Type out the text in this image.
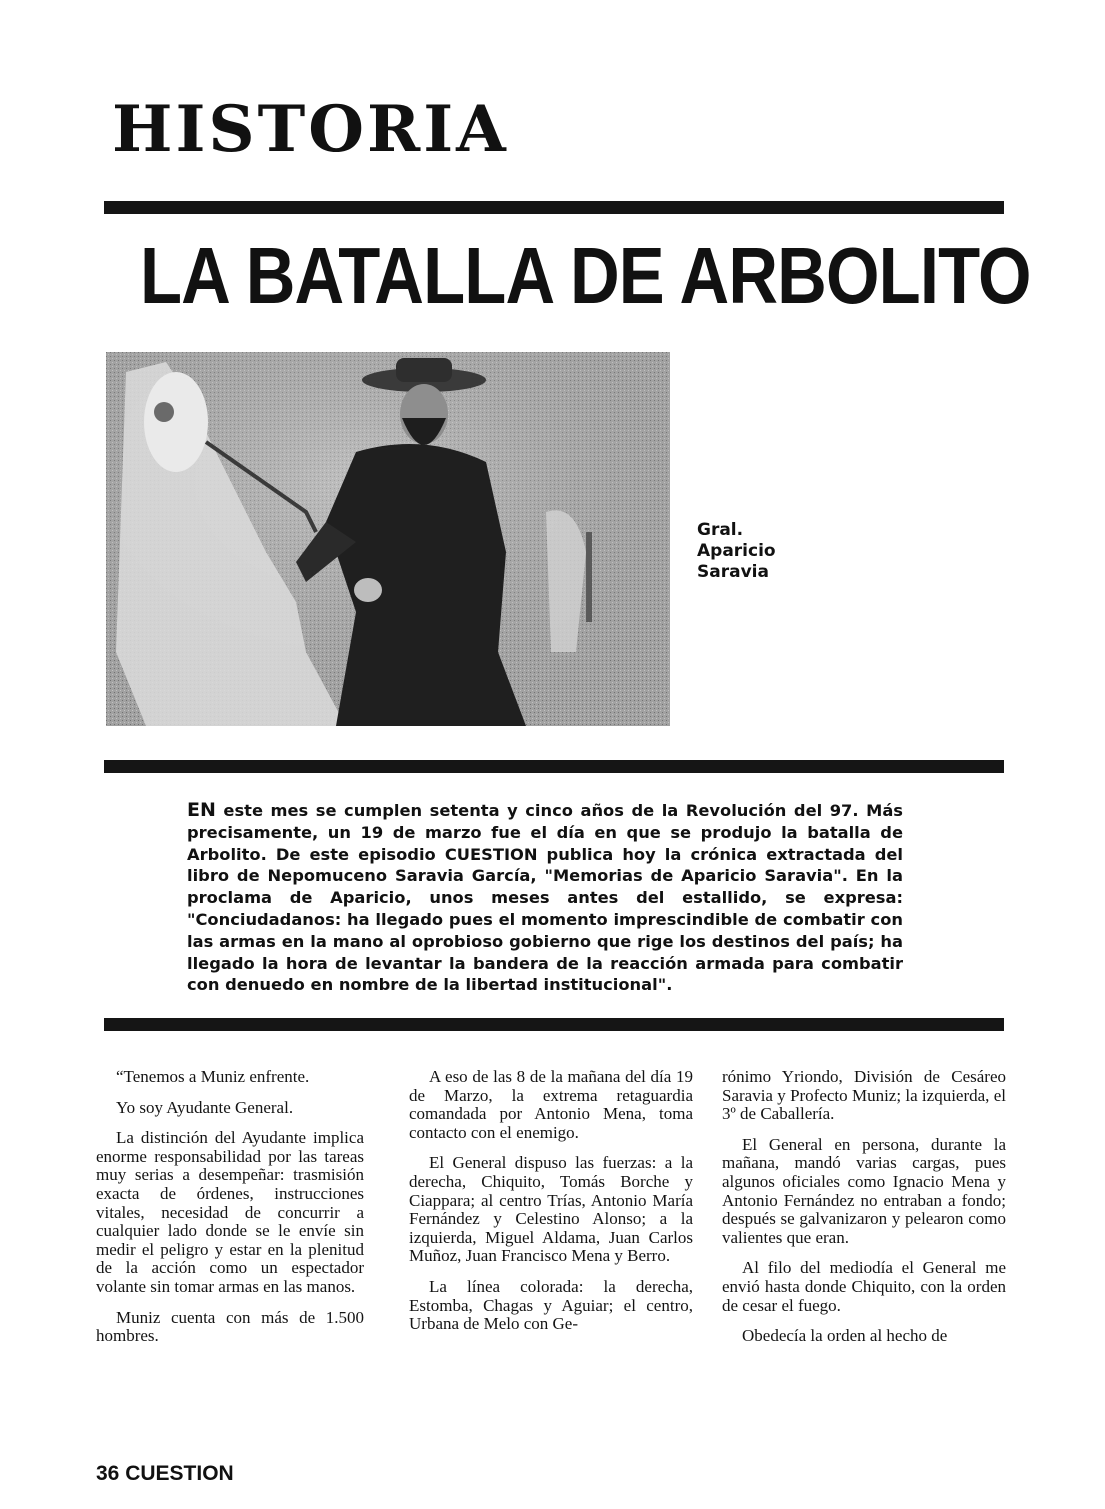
HISTORIA
LA BATALLA DE ARBOLITO
Gral.
Aparicio
Saravia

EN este mes se cumplen setenta y cinco años de la Revolución del 97. Más precisamente, un 19 de marzo fue el día en que se produjo la batalla de Arbolito. De este episodio CUESTION publica hoy la crónica extractada del libro de Nepomuceno Saravia García, "Memorias de Aparicio Saravia". En la proclama de Aparicio, unos meses antes del estallido, se expresa: "Conciudadanos: ha llegado pues el momento imprescindible de combatir con las armas en la mano al oprobioso gobierno que rige los destinos del país; ha llegado la hora de levantar la bandera de la reacción armada para combatir con denuedo en nombre de la libertad institucional".

“Tenemos a Muniz enfrente.

Yo soy Ayudante General.

La distinción del Ayudante implica enorme responsabilidad por las tareas muy serias a desempeñar: trasmisión exacta de órdenes, instrucciones vitales, necesidad de concurrir a cualquier lado donde se le envíe sin medir el peligro y estar en la plenitud de la acción como un espectador volante sin tomar armas en las manos.

Muniz cuenta con más de 1.500 hombres.

A eso de las 8 de la mañana del día 19 de Marzo, la extrema retaguardia comandada por Antonio Mena, toma contacto con el enemigo.

El General dispuso las fuerzas: a la derecha, Chiquito, Tomás Borche y Ciappara; al centro Trías, Antonio María Fernández y Celestino Alonso; a la izquierda, Miguel Aldama, Juan Carlos Muñoz, Juan Francisco Mena y Berro.

La línea colorada: la derecha, Estomba, Chagas y Aguiar; el centro, Urbana de Melo con Ge-

rónimo Yriondo, División de Cesáreo Saravia y Profecto Muniz; la izquierda, el 3º de Caballería.

El General en persona, durante la mañana, mandó varias cargas, pues algunos oficiales como Ignacio Mena y Antonio Fernández no entraban a fondo; después se galvanizaron y pelearon como valientes que eran.

Al filo del mediodía el General me envió hasta donde Chiquito, con la orden de cesar el fuego.

Obedecía la orden al hecho de

36 CUESTION
